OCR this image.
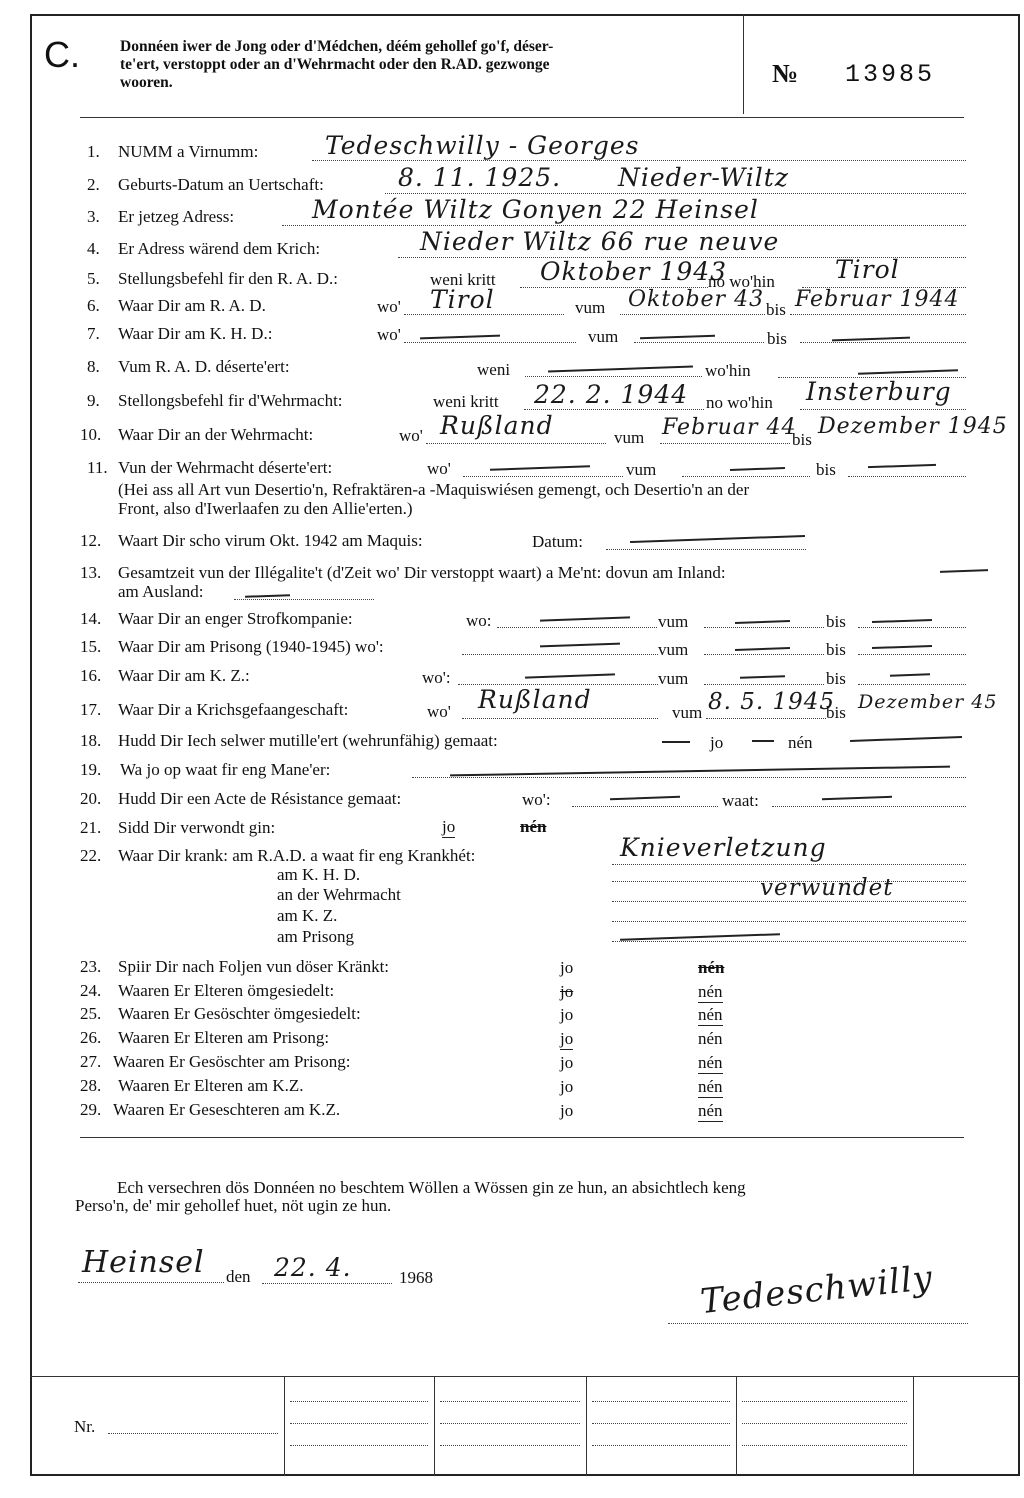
C.	Donnéen iwer de Jong oder d'Médchen, déém gehollef go'f, déser-
te'ert, verstoppt oder an d'Wehrmacht oder den R.AD. gezwonge
wooren.	№ 13985
1. NUMM a Virnumm:	Tedeschwilly - Georges
2. Geburts-Datum an Uertschaft:	8. 11. 1925. Nieder-Wiltz
3. Er jetzeg Adress:	Montée Wiltz Gonyen 22 Heinsel
4. Er Adress wärend dem Krich:	Nieder Wiltz 66 rue neuve
5. Stellungsbefehl fir den R. A. D.:	weni kritt Oktober 1943
no wo'hin Tirol
6. Waar Dir am R. A. D.	wo' Tirol	vum Oktober 43 bis Februar 1944
7. Waar Dir am K. H. D.:	wo'	vum	bis
8. Vum R. A. D. déserte'ert:	weni	wo'hin
9. Stellongsbefehl fir d'Wehrmacht:	weni kritt 22. 2. 1944 no wo'hin Insterburg
10. Waar Dir an der Wehrmacht:	wo' Rußland	vum Februar 44
bis
Dezember 1945
11. Vun der Wehrmacht déserte'ert:	wo'	vum	bis
(Hei ass all Art vun Desertio'n, Refraktären-a -Maquiswiésen gemengt, och Desertio'n an der
Front, also d'Iwerlaafen zu den Allie'erten.)
12. Waart Dir scho virum Okt. 1942 am Maquis:	Datum:
13. Gesamtzeit vun der Illégalite't (d'Zeit wo' Dir verstoppt waart) a Me'nt: dovun am Inland:
am Ausland:
14. Waar Dir an enger Strofkompanie:	wo:	vum	bis
15. Waar Dir am Prisong (1940-1945) wo':	vum	bis
16. Waar Dir am K. Z.:	wo':	vum	bis
17. Waar Dir a Krichsgefaangeschaft:	wo' Rußland	vum 8. 5. 1945
bis Dezember 45
18. Hudd Dir Iech selwer mutille'ert (wehrunfähig) gemaat:	jo	nén
19. Wa jo op waat fir eng Mane'er:
20. Hudd Dir een Acte de Résistance gemaat:	wo':	waat:
21. Sidd Dir verwondt gin:	jo	nén
22. Waar Dir krank: am R.A.D. a waat fir eng Krankhét:	Knieverletzung
am K. H. D.
an der Wehrmacht	verwundet
am K. Z.
am Prisong
23. Spiir Dir nach Foljen vun döser Kränkt:	jo	nén
24. Waaren Er Elteren ömgesiedelt:	jo	nén
25. Waaren Er Gesöschter ömgesiedelt:	jo	nén
26. Waaren Er Elteren am Prisong:	jo	nén
27. Waaren Er Gesöschter am Prisong:	jo	nén
28. Waaren Er Elteren am K.Z.	jo	nén
29. Waaren Er Geseschteren am K.Z.	jo	nén
Ech versechren dös Donnéen no beschtem Wöllen a Wössen gin ze hun, an absichtlech keng
Perso'n, de' mir gehollef huet, nöt ugin ze hun.
Heinsel den 22. 4.	1968	Tedeschwilly
Nr.
